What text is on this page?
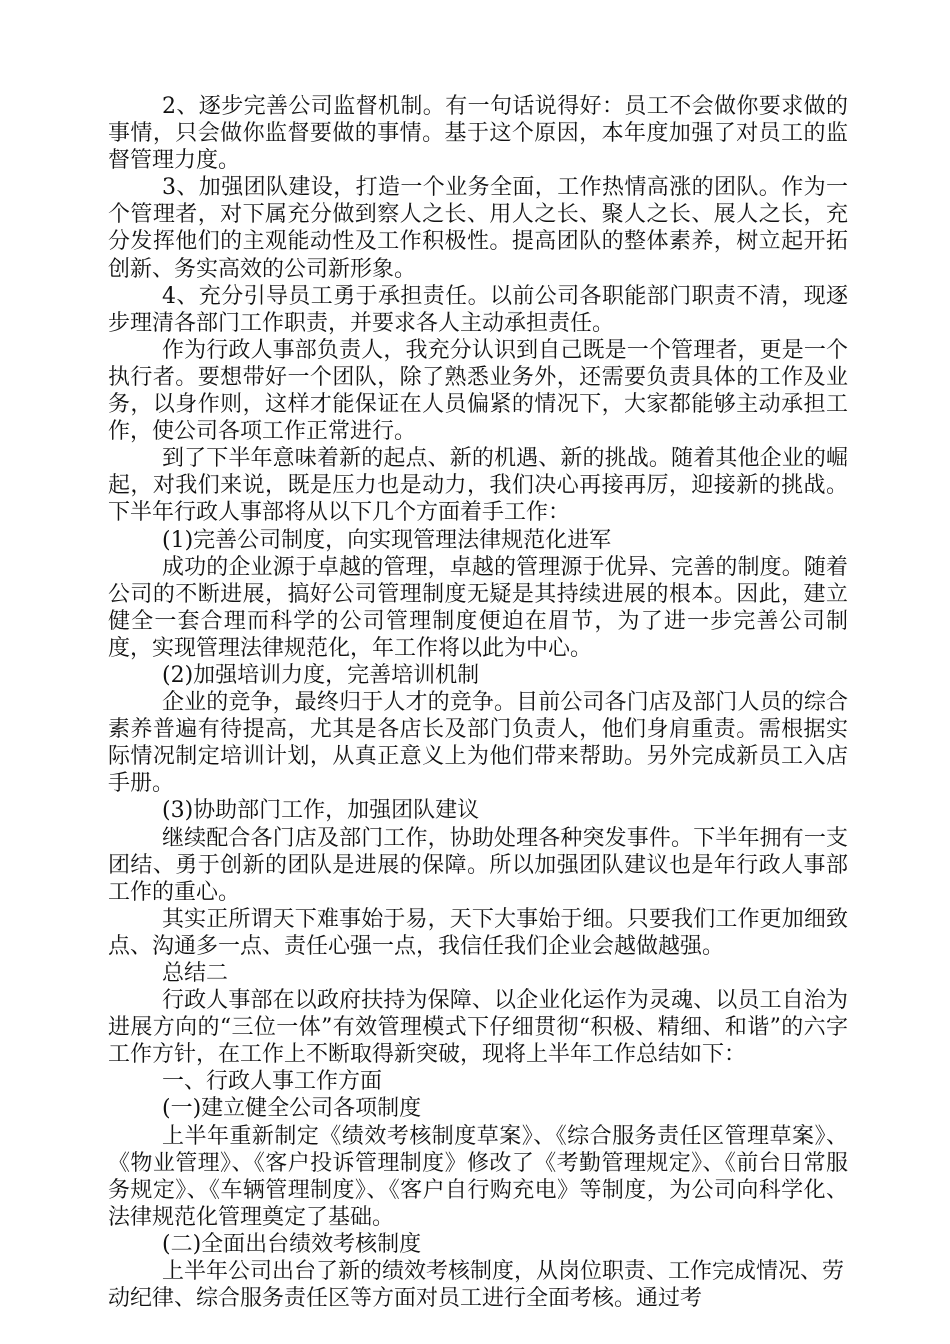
2、逐步完善公司监督机制。有一句话说得好：员工不会做你要求做的事情，只会做你监督要做的事情。基于这个原因，本年度加强了对员工的监督管理力度。

3、加强团队建设，打造一个业务全面，工作热情高涨的团队。作为一个管理者，对下属充分做到察人之长、用人之长、聚人之长、展人之长，充分发挥他们的主观能动性及工作积极性。提高团队的整体素养，树立起开拓创新、务实高效的公司新形象。

4、充分引导员工勇于承担责任。以前公司各职能部门职责不清，现逐步理清各部门工作职责，并要求各人主动承担责任。

作为行政人事部负责人，我充分认识到自己既是一个管理者，更是一个执行者。要想带好一个团队，除了熟悉业务外，还需要负责具体的工作及业务，以身作则，这样才能保证在人员偏紧的情况下，大家都能够主动承担工作，使公司各项工作正常进行。

到了下半年意味着新的起点、新的机遇、新的挑战。随着其他企业的崛起，对我们来说，既是压力也是动力，我们决心再接再厉，迎接新的挑战。下半年行政人事部将从以下几个方面着手工作：

(1)完善公司制度，向实现管理法律规范化进军

成功的企业源于卓越的管理，卓越的管理源于优异、完善的制度。随着公司的不断进展，搞好公司管理制度无疑是其持续进展的根本。因此，建立健全一套合理而科学的公司管理制度便迫在眉节，为了进一步完善公司制度，实现管理法律规范化，年工作将以此为中心。

(2)加强培训力度，完善培训机制

企业的竞争，最终归于人才的竞争。目前公司各门店及部门人员的综合素养普遍有待提高，尤其是各店长及部门负责人，他们身肩重责。需根据实际情况制定培训计划，从真正意义上为他们带来帮助。另外完成新员工入店手册。

(3)协助部门工作，加强团队建议

继续配合各门店及部门工作，协助处理各种突发事件。下半年拥有一支团结、勇于创新的团队是进展的保障。所以加强团队建议也是年行政人事部工作的重心。

其实正所谓天下难事始于易，天下大事始于细。只要我们工作更加细致点、沟通多一点、责任心强一点，我信任我们企业会越做越强。

总结二

行政人事部在以政府扶持为保障、以企业化运作为灵魂、以员工自治为进展方向的“三位一体”有效管理模式下仔细贯彻“积极、精细、和谐”的六字工作方针，在工作上不断取得新突破，现将上半年工作总结如下：

一、行政人事工作方面

(一)建立健全公司各项制度

上半年重新制定《绩效考核制度草案》、《综合服务责任区管理草案》、《物业管理》、《客户投诉管理制度》修改了《考勤管理规定》、《前台日常服务规定》、《车辆管理制度》、《客户自行购充电》等制度，为公司向科学化、法律规范化管理奠定了基础。

(二)全面出台绩效考核制度

上半年公司出台了新的绩效考核制度，从岗位职责、工作完成情况、劳动纪律、综合服务责任区等方面对员工进行全面考核。通过考
